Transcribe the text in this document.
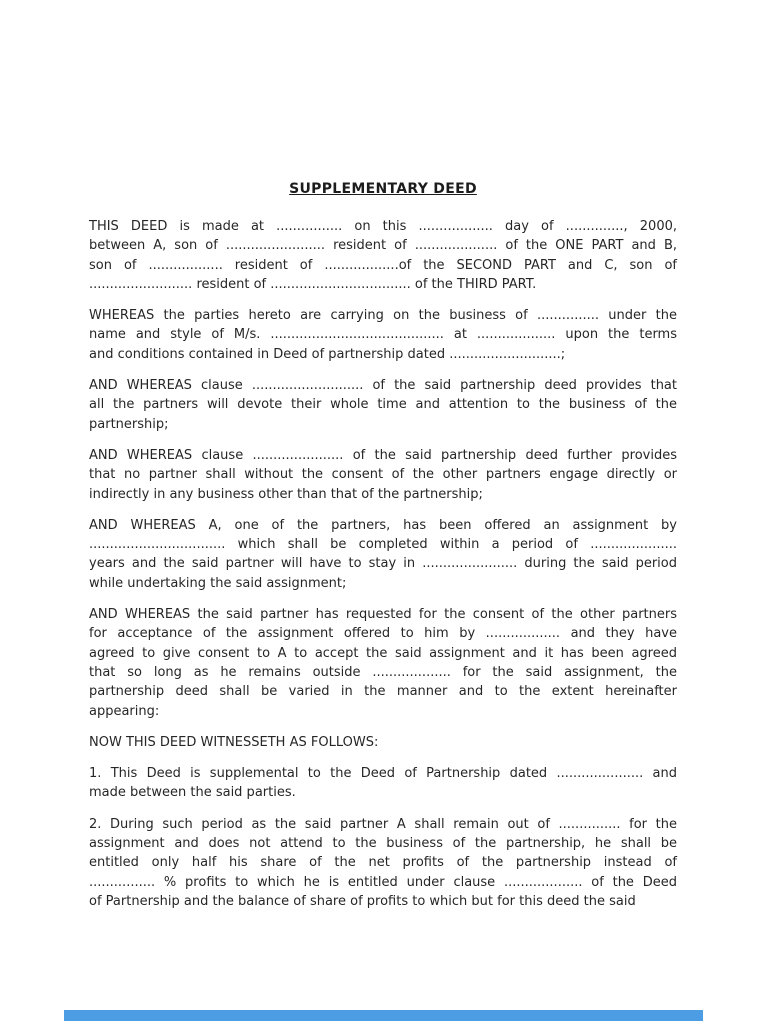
SUPPLEMENTARY DEED
THIS DEED is made at ................ on this .................. day of .............., 2000,
between A, son of ........................ resident of .................... of the ONE PART and B,
son of .................. resident of ..................of the SECOND PART and C, son of
......................... resident of .................................. of the THIRD PART.
WHEREAS the parties hereto are carrying on the business of ............... under the
name and style of M/s. .......................................... at ................... upon the terms
and conditions contained in Deed of partnership dated ...........................;
AND WHEREAS clause ........................... of the said partnership deed provides that
all the partners will devote their whole time and attention to the business of the
partnership;
AND WHEREAS clause ...................... of the said partnership deed further provides
that no partner shall without the consent of the other partners engage directly or
indirectly in any business other than that of the partnership;
AND WHEREAS A, one of the partners, has been offered an assignment by
................................. which shall be completed within a period of .....................
years and the said partner will have to stay in ....................... during the said period
while undertaking the said assignment;
AND WHEREAS the said partner has requested for the consent of the other partners
for acceptance of the assignment offered to him by .................. and they have
agreed to give consent to A to accept the said assignment and it has been agreed
that so long as he remains outside ................... for the said assignment, the
partnership deed shall be varied in the manner and to the extent hereinafter
appearing:
NOW THIS DEED WITNESSETH AS FOLLOWS:
1. This Deed is supplemental to the Deed of Partnership dated ..................... and
made between the said parties.
2. During such period as the said partner A shall remain out of ............... for the
assignment and does not attend to the business of the partnership, he shall be
entitled only half his share of the net profits of the partnership instead of
................ % profits to which he is entitled under clause ................... of the Deed
of Partnership and the balance of share of profits to which but for this deed the said
